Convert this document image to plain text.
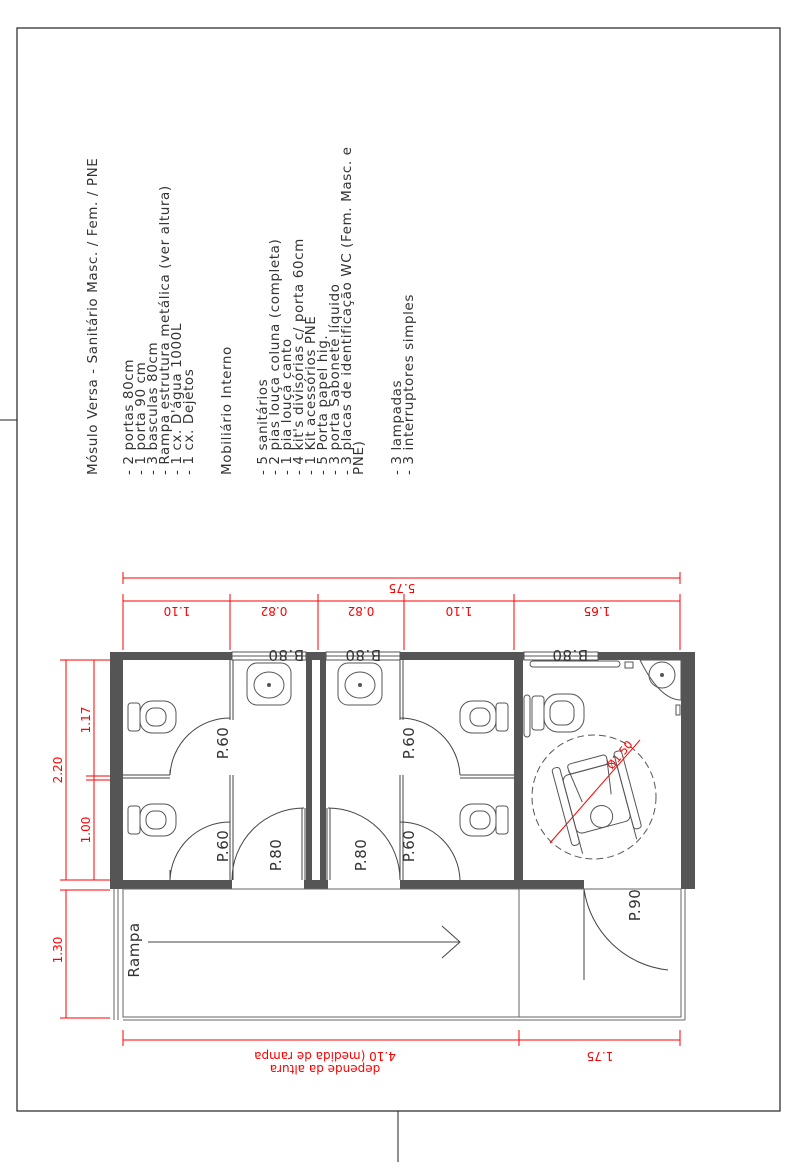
Mósulo Versa - Sanitário Masc. / Fem. / PNE - 2 portas 80cm
- 1 porta 90 cm
- 3 basculas 80cm
- Rampa estrutura metálica (ver altura)
- 1 cx. D'água 1000L
- 1 cx. Dejetos Mobiliário Interno - 5 sanitários
- 2 pias louça coluna (completa)
- 1 pia louça canto
- 4 kit's divisórias c/ porta 60cm
- 1 Kit acessórios PNE
- 5 Porta papel hig.
- 3 porta Sabonete líquido
- 3 placas de identificação WC (Fem. Masc. e
PNE) - 3 lampadas
- 3 interruptores simples
5.75
1.10	0.82	0.82	1.10	1.65
2.20
1.17
1.00
1.30
4.10 (medida de rampa
depende da altura
1.75
Ø1.50
B.80	B.80	B.80
P.60
P.60
P.60
P.60
P.80	P.80
P.90
Rampa
